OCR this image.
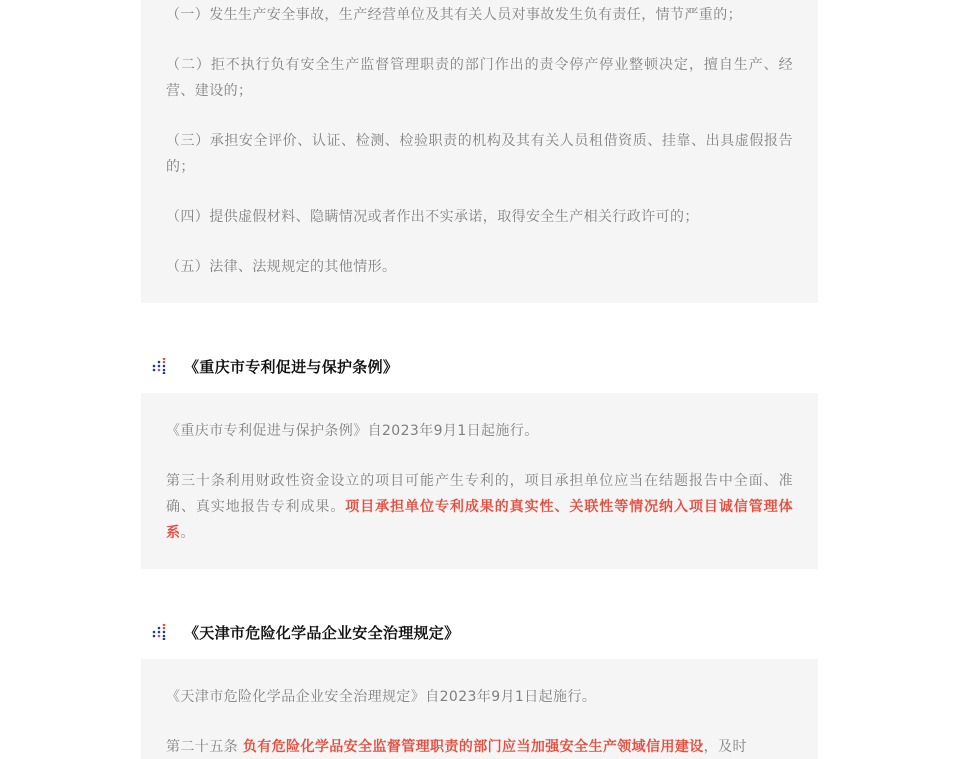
（一）发生生产安全事故，生产经营单位及其有关人员对事故发生负有责任，情节严重的；

（二）拒不执行负有安全生产监督管理职责的部门作出的责令停产停业整顿决定，擅自生产、经营、建设的；

（三）承担安全评价、认证、检测、检验职责的机构及其有关人员租借资质、挂靠、出具虚假报告的；

（四）提供虚假材料、隐瞒情况或者作出不实承诺，取得安全生产相关行政许可的；

（五）法律、法规规定的其他情形。

《重庆市专利促进与保护条例》

《重庆市专利促进与保护条例》自2023年9月1日起施行。

第三十条利用财政性资金设立的项目可能产生专利的，项目承担单位应当在结题报告中全面、准确、真实地报告专利成果。项目承担单位专利成果的真实性、关联性等情况纳入项目诚信管理体系。

《天津市危险化学品企业安全治理规定》

《天津市危险化学品企业安全治理规定》自2023年9月1日起施行。

第二十五条 负有危险化学品安全监督管理职责的部门应当加强安全生产领域信用建设，及时
